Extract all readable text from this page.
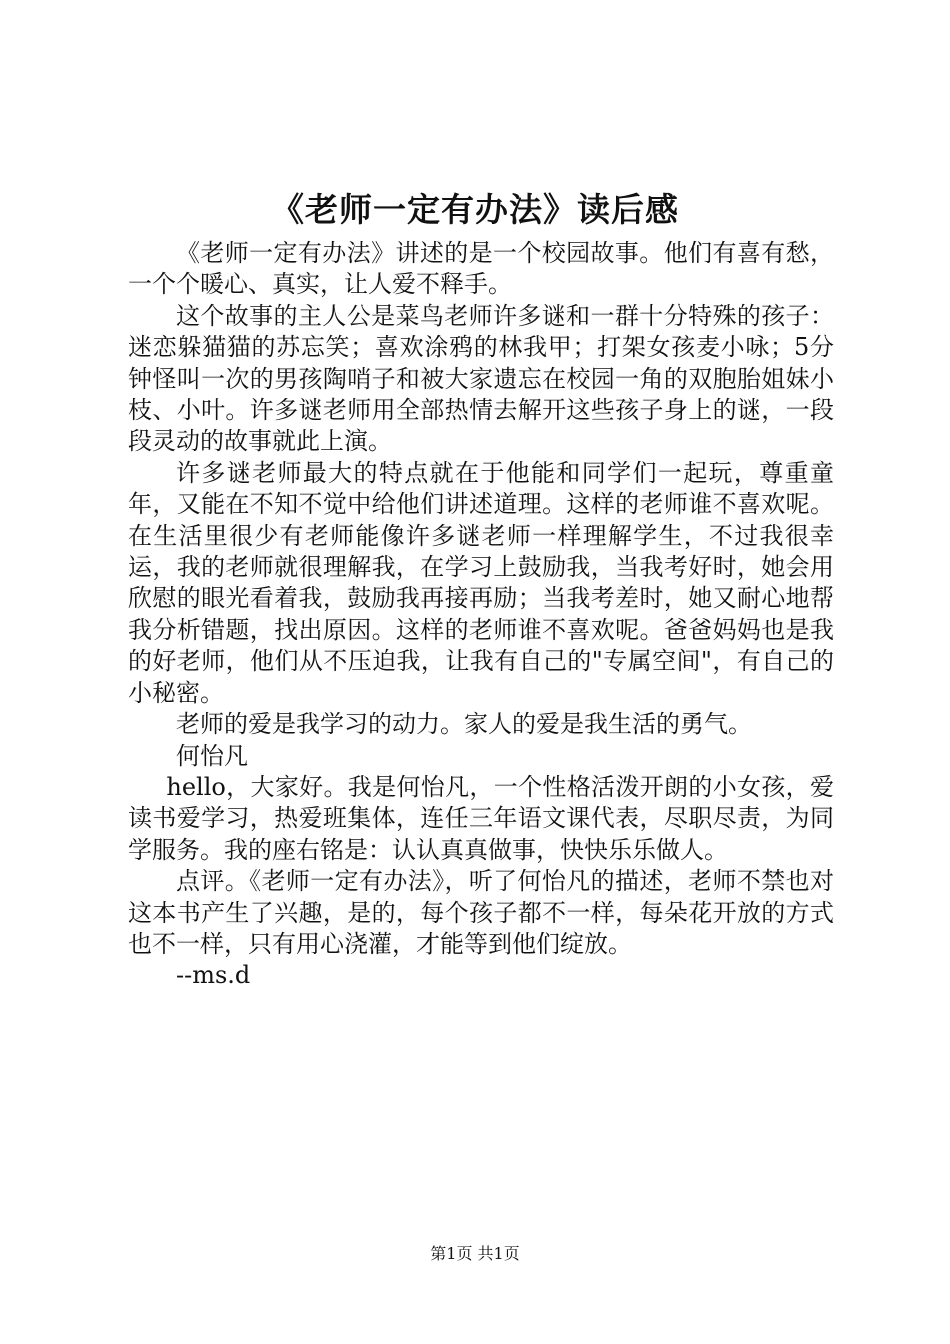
《老师一定有办法》读后感

《老师一定有办法》讲述的是一个校园故事。他们有喜有愁，一个个暖心、真实，让人爱不释手。

这个故事的主人公是菜鸟老师许多谜和一群十分特殊的孩子：迷恋躲猫猫的苏忘笑；喜欢涂鸦的林我甲；打架女孩麦小咏；5分钟怪叫一次的男孩陶哨子和被大家遗忘在校园一角的双胞胎姐妹小枝、小叶。许多谜老师用全部热情去解开这些孩子身上的谜，一段段灵动的故事就此上演。

许多谜老师最大的特点就在于他能和同学们一起玩，尊重童年，又能在不知不觉中给他们讲述道理。这样的老师谁不喜欢呢。在生活里很少有老师能像许多谜老师一样理解学生，不过我很幸运，我的老师就很理解我，在学习上鼓励我，当我考好时，她会用欣慰的眼光看着我，鼓励我再接再励；当我考差时，她又耐心地帮我分析错题，找出原因。这样的老师谁不喜欢呢。爸爸妈妈也是我的好老师，他们从不压迫我，让我有自己的"专属空间"，有自己的小秘密。

老师的爱是我学习的动力。家人的爱是我生活的勇气。

何怡凡

hello，大家好。我是何怡凡，一个性格活泼开朗的小女孩，爱读书爱学习，热爱班集体，连任三年语文课代表，尽职尽责，为同学服务。我的座右铭是：认认真真做事，快快乐乐做人。

点评。《老师一定有办法》，听了何怡凡的描述，老师不禁也对这本书产生了兴趣，是的，每个孩子都不一样，每朵花开放的方式也不一样，只有用心浇灌，才能等到他们绽放。

--ms.d

第1页 共1页
